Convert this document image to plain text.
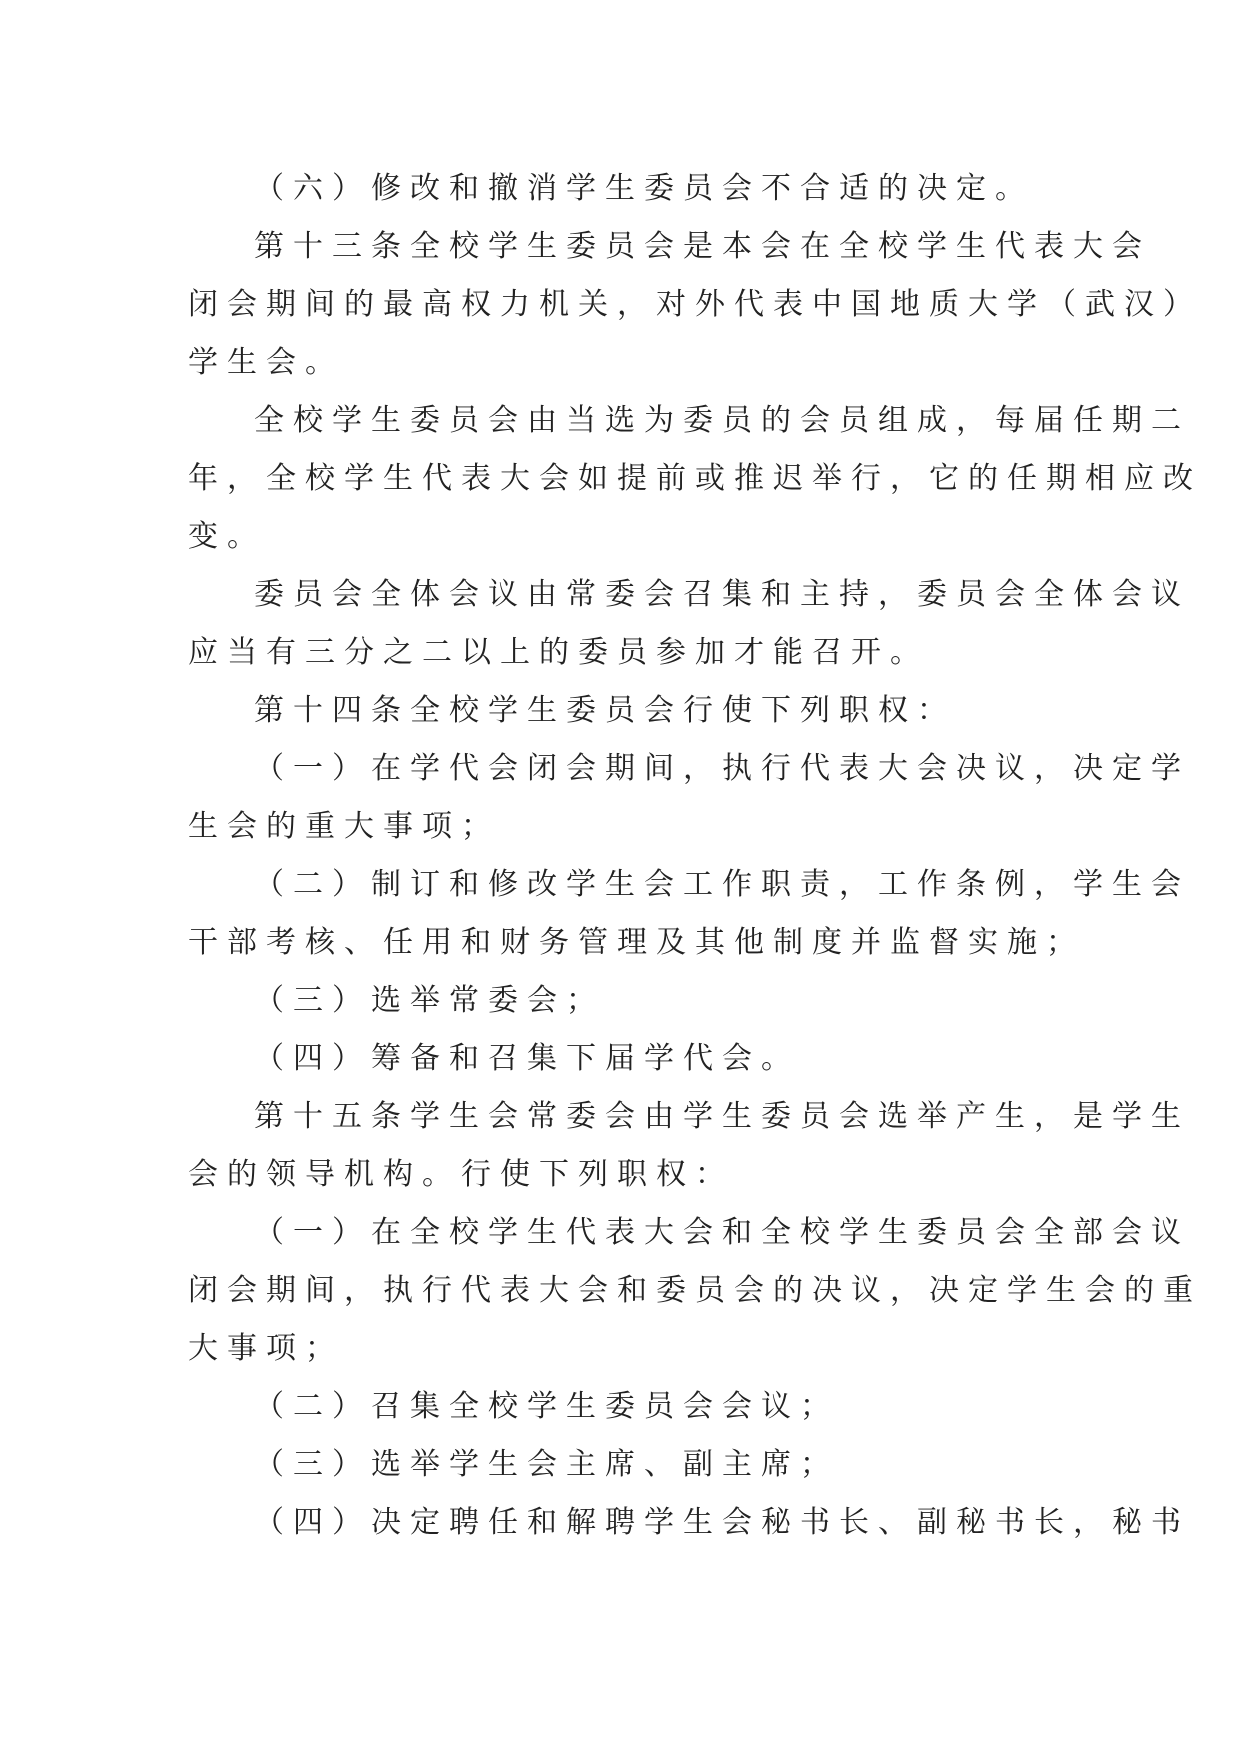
（六）修改和撤消学生委员会不合适的决定。
第十三条全校学生委员会是本会在全校学生代表大会
闭会期间的最高权力机关，对外代表中国地质大学（武汉）
学生会。
全校学生委员会由当选为委员的会员组成，每届任期二
年，全校学生代表大会如提前或推迟举行，它的任期相应改
变。
委员会全体会议由常委会召集和主持，委员会全体会议
应当有三分之二以上的委员参加才能召开。
第十四条全校学生委员会行使下列职权：
（一）在学代会闭会期间，执行代表大会决议，决定学
生会的重大事项；
（二）制订和修改学生会工作职责，工作条例，学生会
干部考核、任用和财务管理及其他制度并监督实施；
（三）选举常委会；
（四）筹备和召集下届学代会。
第十五条学生会常委会由学生委员会选举产生，是学生
会的领导机构。行使下列职权：
（一）在全校学生代表大会和全校学生委员会全部会议
闭会期间，执行代表大会和委员会的决议，决定学生会的重
大事项；
（二）召集全校学生委员会会议；
（三）选举学生会主席、副主席；
（四）决定聘任和解聘学生会秘书长、副秘书长，秘书
